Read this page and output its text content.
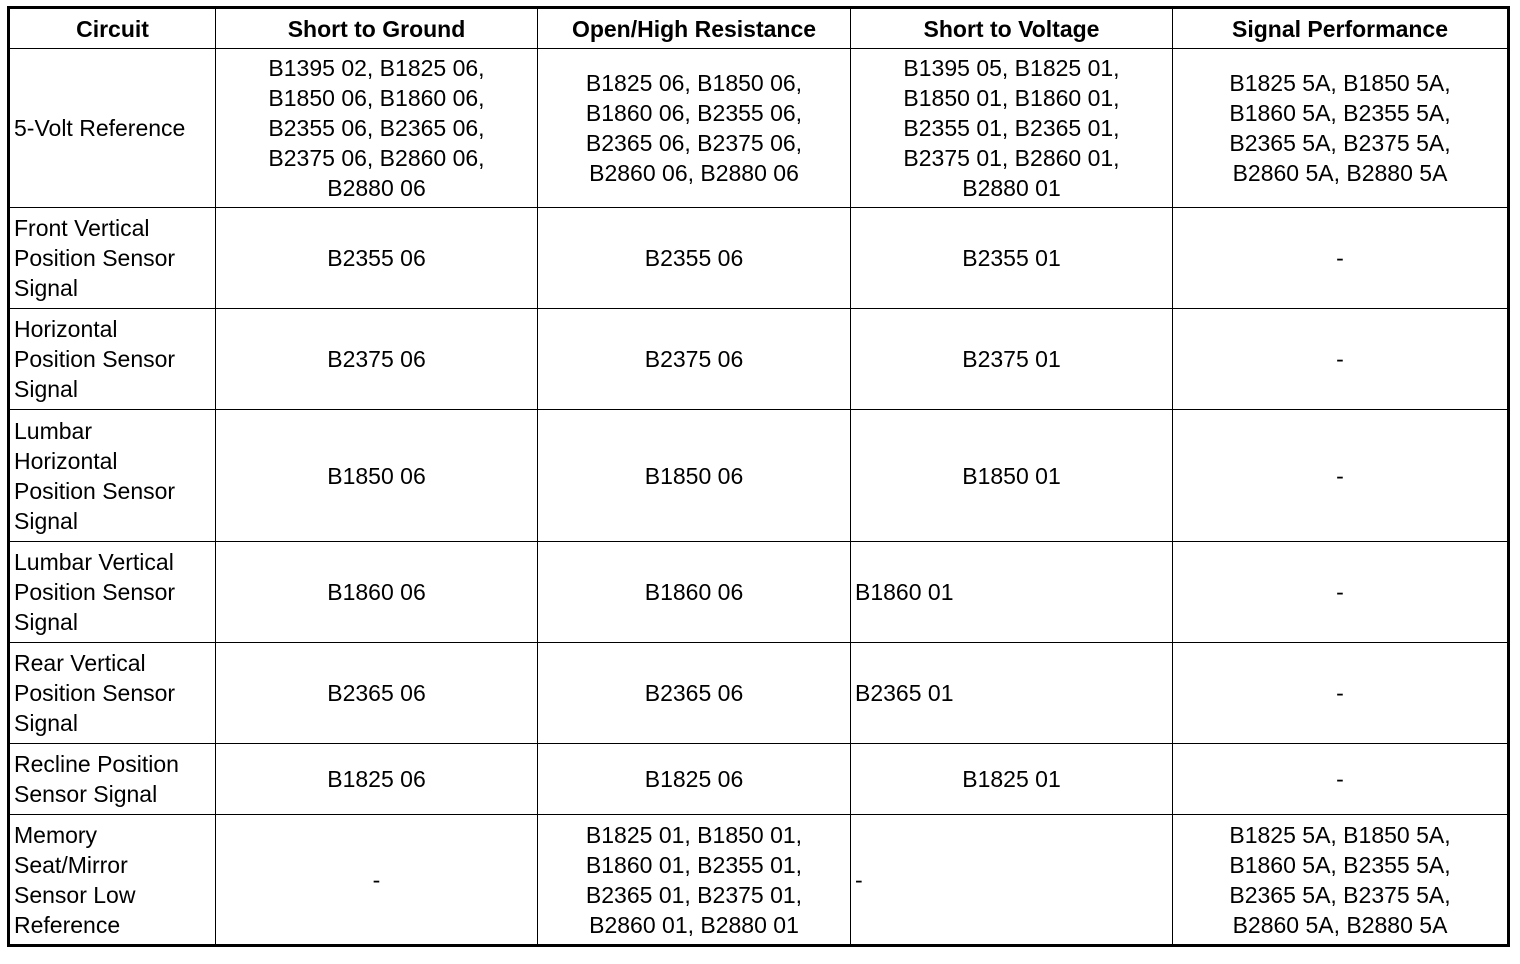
Circuit	Short to Ground	Open/High Resistance	Short to Voltage	Signal Performance
5-Volt Reference	B1395 02, B1825 06,
B1850 06, B1860 06,
B2355 06, B2365 06,
B2375 06, B2860 06,
B2880 06	B1825 06, B1850 06,
B1860 06, B2355 06,
B2365 06, B2375 06,
B2860 06, B2880 06	B1395 05, B1825 01,
B1850 01, B1860 01,
B2355 01, B2365 01,
B2375 01, B2860 01,
B2880 01	B1825 5A, B1850 5A,
B1860 5A, B2355 5A,
B2365 5A, B2375 5A,
B2860 5A, B2880 5A
Front Vertical
Position Sensor
Signal	B2355 06	B2355 06	B2355 01	-
Horizontal
Position Sensor
Signal	B2375 06	B2375 06	B2375 01	-
Lumbar
Horizontal
Position Sensor
Signal	B1850 06	B1850 06	B1850 01	-
Lumbar Vertical
Position Sensor
Signal	B1860 06	B1860 06	B1860 01	-
Rear Vertical
Position Sensor
Signal	B2365 06	B2365 06	B2365 01	-
Recline Position
Sensor Signal	B1825 06	B1825 06	B1825 01	-
Memory
Seat/Mirror
Sensor Low
Reference	-	B1825 01, B1850 01,
B1860 01, B2355 01,
B2365 01, B2375 01,
B2860 01, B2880 01	-	B1825 5A, B1850 5A,
B1860 5A, B2355 5A,
B2365 5A, B2375 5A,
B2860 5A, B2880 5A
